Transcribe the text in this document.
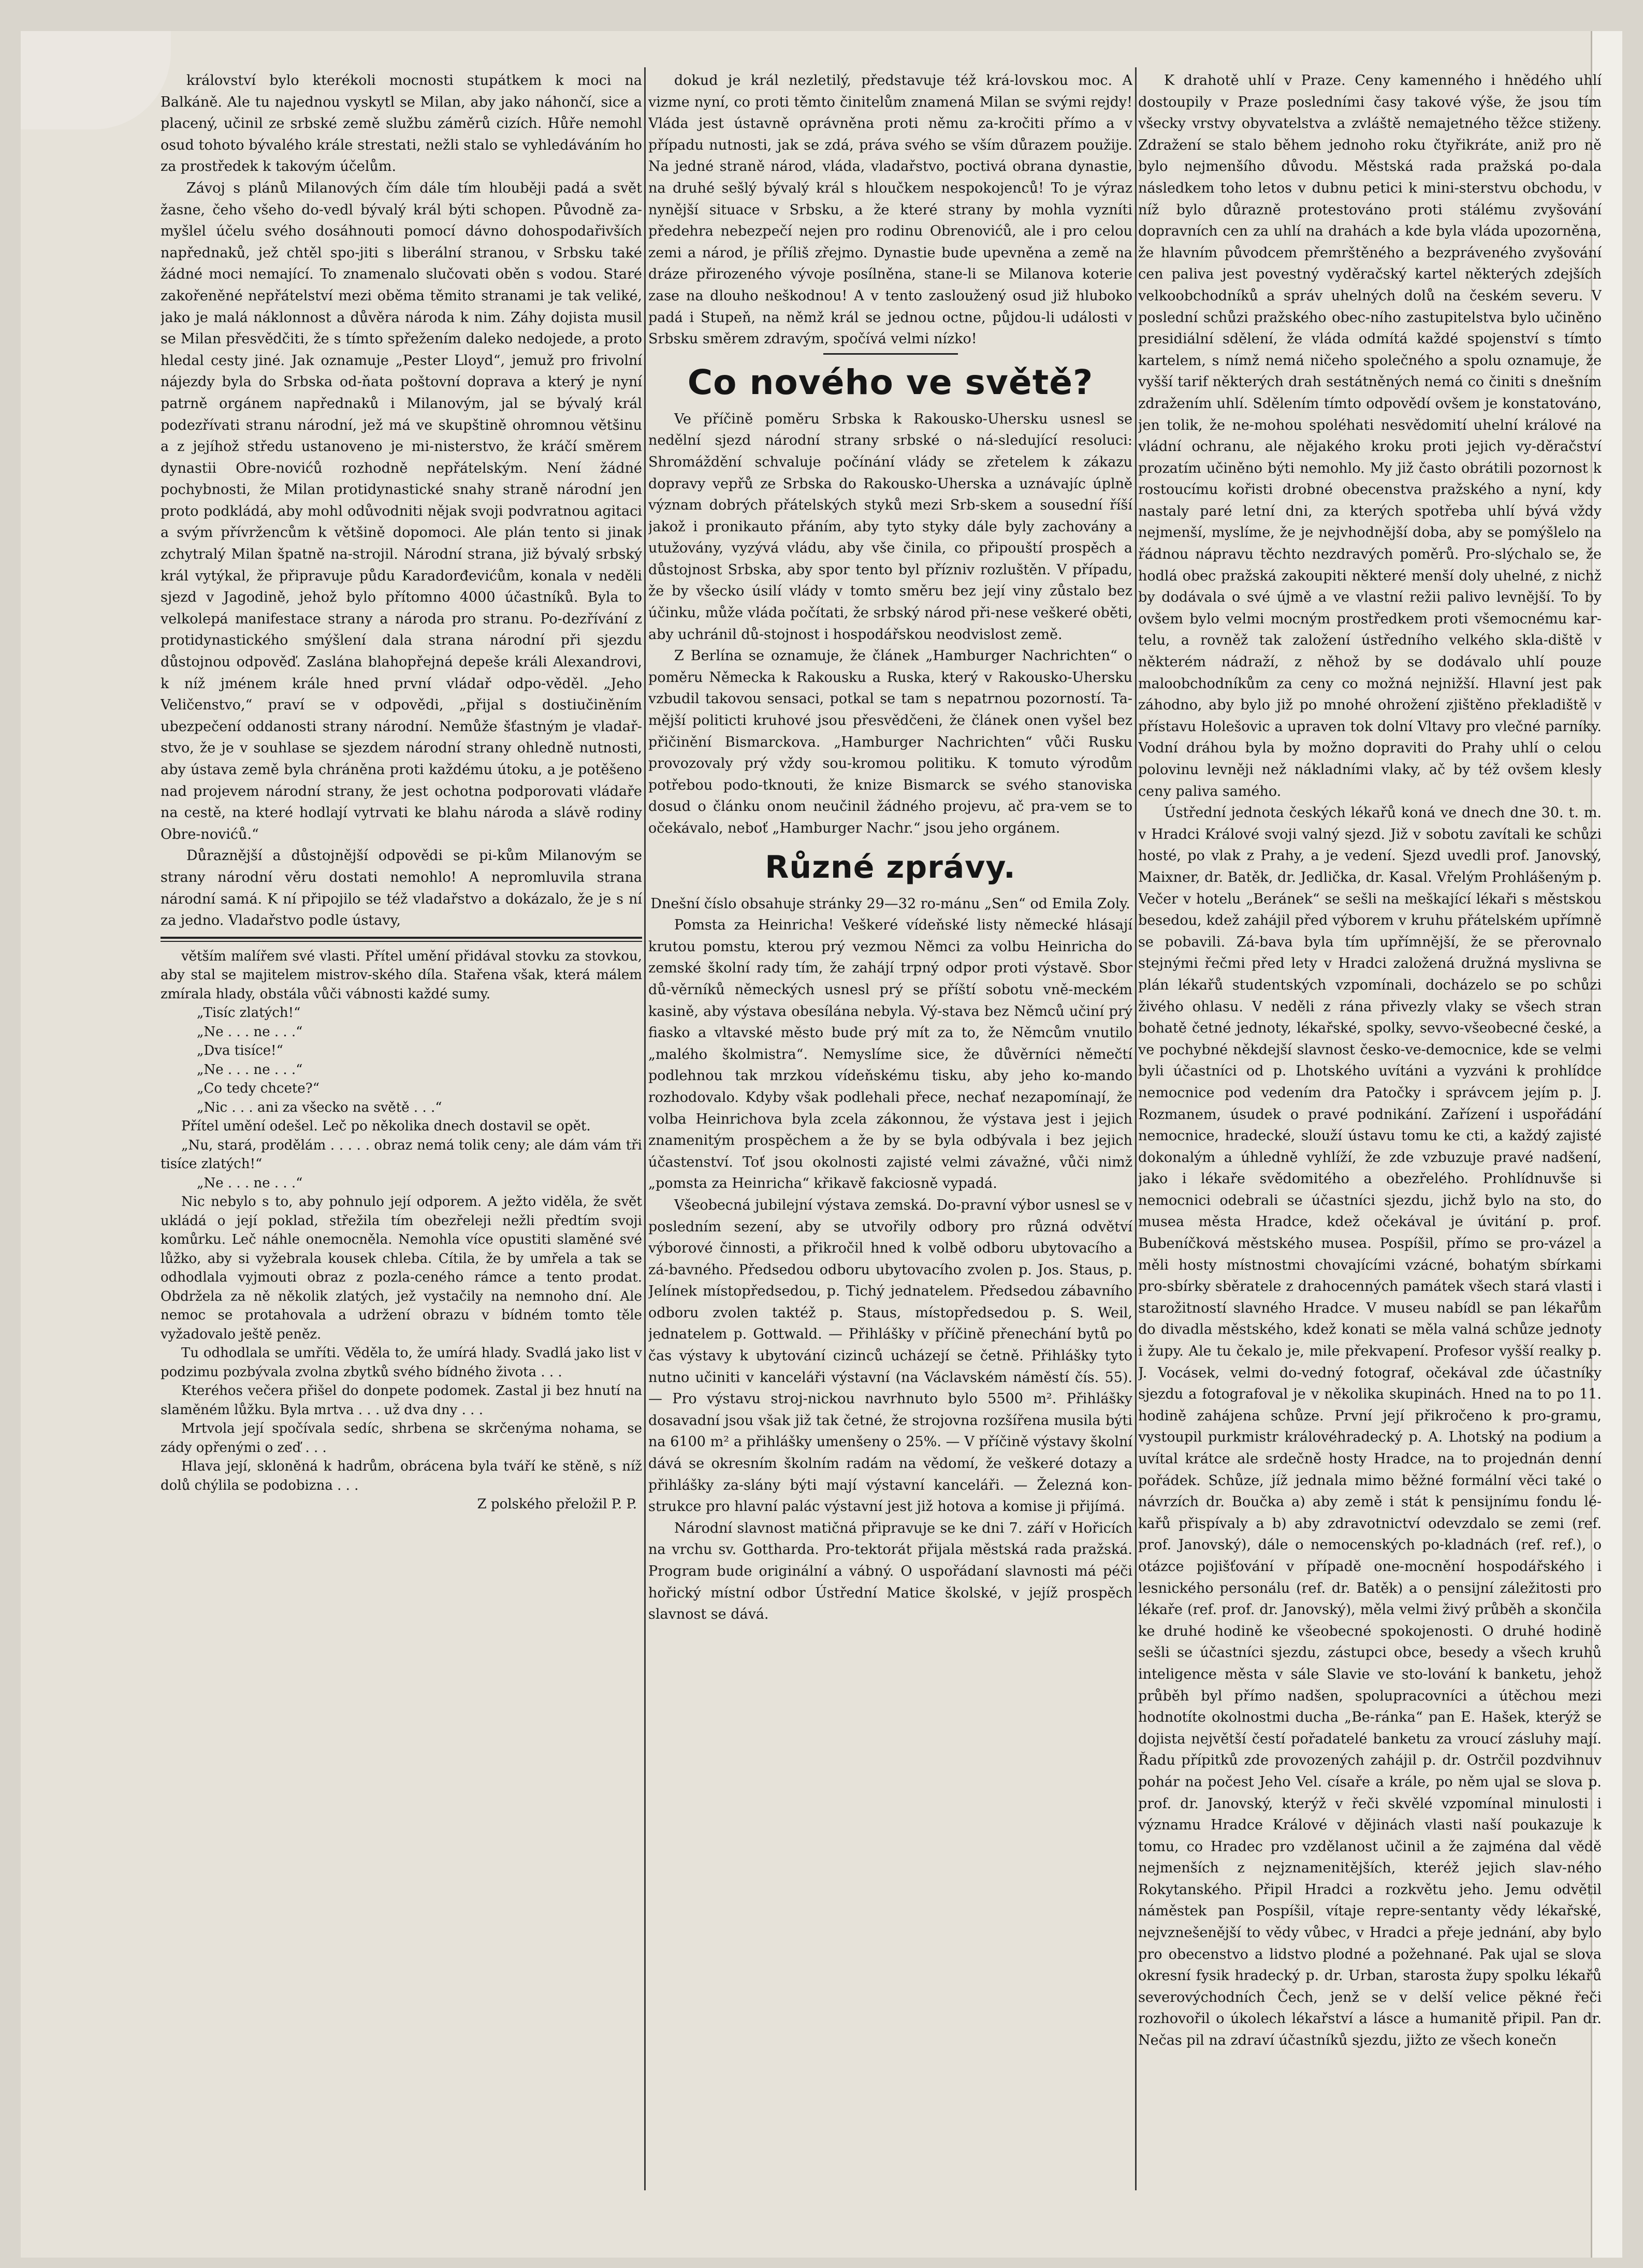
království bylo kterékoli mocnosti stupátkem k moci na Balkáně. Ale tu najednou vyskytl se Milan, aby jako náhončí, sice a placený, učinil ze srbské země službu záměrů cizích. Hůře nemohl osud tohoto bývalého krále strestati, nežli stalo se vyhledáváním ho za prostředek k takovým účelům.

Závoj s plánů Milanových čím dále tím hlouběji padá a svět žasne, čeho všeho do-vedl bývalý král býti schopen. Původně za-myšlel účelu svého dosáhnouti pomocí dávno dohospodařivších napřednaků, jež chtěl spo-jiti s liberální stranou, v Srbsku také žádné moci nemající. To znamenalo slučovati oběn s vodou. Staré zakořeněné nepřátelství mezi oběma těmito stranami je tak veliké, jako je malá náklonnost a důvěra národa k nim. Záhy dojista musil se Milan přesvědčiti, že s tímto spřežením daleko nedojede, a proto hledal cesty jiné. Jak oznamuje „Pester Lloyd“, jemuž pro frivolní nájezdy byla do Srbska od-ňata poštovní doprava a který je nyní patrně orgánem napřednaků i Milanovým, jal se bývalý král podezřívati stranu národní, jež má ve skupštině ohromnou většinu a z jejíhož středu ustanoveno je mi-nisterstvo, že kráčí směrem dynastii Obre-novićů rozhodně nepřátelským. Není žádné pochybnosti, že Milan protidynastické snahy straně národní jen proto podkládá, aby mohl odůvodniti nějak svoji podvratnou agitaci a svým přívržencům k většině dopomoci. Ale plán tento si jinak zchytralý Milan špatně na-strojil. Národní strana, již bývalý srbský král vytýkal, že připravuje půdu Karadorđevićům, konala v neděli sjezd v Jagodině, jehož bylo přítomno 4000 účastníků. Byla to velkolepá manifestace strany a národa pro stranu. Po-dezřívání z protidynastického smýšlení dala strana národní při sjezdu důstojnou odpověď. Zaslána blahopřejná depeše králi Alexandrovi, k níž jménem krále hned první vládař odpo-věděl. „Jeho Veličenstvo,“ praví se v odpovědi, „přijal s dostiučiněním ubezpečení oddanosti strany národní. Nemůže šťastným je vladař-stvo, že je v souhlase se sjezdem národní strany ohledně nutnosti, aby ústava země byla chráněna proti každému útoku, a je potěšeno nad projevem národní strany, že jest ochotna podporovati vládaře na cestě, na které hodlají vytrvati ke blahu národa a slávě rodiny Obre-novićů.“

Důraznější a důstojnější odpovědi se pi-kům Milanovým se strany národní věru dostati nemohlo! A nepromluvila strana národní samá. K ní připojilo se též vladařstvo a dokázalo, že je s ní za jedno. Vladařstvo podle ústavy,

větším malířem své vlasti. Přítel umění přidával stovku za stovkou, aby stal se majitelem mistrov-ského díla. Stařena však, která málem zmírala hlady, obstála vůči vábnosti každé sumy.

„Tisíc zlatých!“

„Ne . . . ne . . .“

„Dva tisíce!“

„Ne . . . ne . . .“

„Co tedy chcete?“

„Nic . . . ani za všecko na světě . . .“

Přítel umění odešel. Leč po několika dnech dostavil se opět.

„Nu, stará, prodělám . . . . . obraz nemá tolik ceny; ale dám vám tři tisíce zlatých!“

„Ne . . . ne . . .“

Nic nebylo s to, aby pohnulo její odporem. A ježto viděla, že svět ukládá o její poklad, střežila tím obezřeleji nežli předtím svoji komůrku. Leč náhle onemocněla. Nemohla více opustiti slaměné své lůžko, aby si vyžebrala kousek chleba. Cítila, že by umřela a tak se odhodlala vyjmouti obraz z pozla-ceného rámce a tento prodat. Obdržela za ně několik zlatých, jež vystačily na nemnoho dní. Ale nemoc se protahovala a udržení obrazu v bídném tomto těle vyžadovalo ještě peněz.

Tu odhodlala se umříti. Věděla to, že umírá hlady. Svadlá jako list v podzimu pozbývala zvolna zbytků svého bídného života . . .

Kteréhos večera přišel do donpete podomek. Zastal ji bez hnutí na slaměném lůžku. Byla mrtva . . . už dva dny . . .

Mrtvola její spočívala sedíc, shrbena se skrčenýma nohama, se zády opřenými o zeď . . .

Hlava její, skloněná k hadrům, obrácena byla tváří ke stěně, s níž dolů chýlila se podobizna . . .

Z polského přeložil P. P.

dokud je král nezletilý, představuje též krá-lovskou moc. A vizme nyní, co proti těmto činitelům znamená Milan se svými rejdy! Vláda jest ústavně oprávněna proti němu za-kročiti přímo a v případu nutnosti, jak se zdá, práva svého se vším důrazem použije. Na jedné straně národ, vláda, vladařstvo, poctivá obrana dynastie, na druhé sešlý bývalý král s hloučkem nespokojenců! To je výraz nynější situace v Srbsku, a že které strany by mohla vyzníti předehra nebezpečí nejen pro rodinu Obrenovićů, ale i pro celou zemi a národ, je příliš zřejmo. Dynastie bude upevněna a země na dráze přirozeného vývoje posílněna, stane-li se Milanova koterie zase na dlouho neškodnou! A v tento zasloužený osud již hluboko padá i Stupeň, na němž král se jednou octne, půjdou-li události v Srbsku směrem zdravým, spočívá velmi nízko!

Co nového ve světě?

Ve příčině poměru Srbska k Rakousko-Uhersku usnesl se nedělní sjezd národní strany srbské o ná-sledující resoluci: Shromáždění schvaluje počínání vlády se zřetelem k zákazu dopravy vepřů ze Srbska do Rakousko-Uherska a uznávajíc úplně význam dobrých přátelských styků mezi Srb-skem a sousední říší jakož i pronikauto přáním, aby tyto styky dále byly zachovány a utužovány, vyzývá vládu, aby vše činila, co připouští prospěch a důstojnost Srbska, aby spor tento byl přízniv rozluštěn. V případu, že by všecko úsilí vlády v tomto směru bez její viny zůstalo bez účinku, může vláda počítati, že srbský národ při-nese veškeré oběti, aby uchránil dů-stojnost i hospodářskou neodvislost země.

Z Berlína se oznamuje, že článek „Hamburger Nachrichten“ o poměru Německa k Rakousku a Ruska, který v Rakousko-Uhersku vzbudil takovou sensaci, potkal se tam s nepatrnou pozorností. Ta-mější politicti kruhové jsou přesvědčeni, že článek onen vyšel bez přičinění Bismarckova. „Hamburger Nachrichten“ vůči Rusku provozovaly prý vždy sou-kromou politiku. K tomuto výrodům potřebou podo-tknouti, že knize Bismarck se svého stanoviska dosud o článku onom neučinil žádného projevu, ač pra-vem se to očekávalo, neboť „Hamburger Nachr.“ jsou jeho orgánem.

Různé zprávy.

Dnešní číslo obsahuje stránky 29—32 ro-mánu „Sen“ od Emila Zoly.

Pomsta za Heinricha! Veškeré vídeňské listy německé hlásají krutou pomstu, kterou prý vezmou Němci za volbu Heinricha do zemské školní rady tím, že zahájí trpný odpor proti výstavě. Sbor dů-věrníků německých usnesl prý se příští sobotu vně-meckém kasině, aby výstava obesílána nebyla. Vý-stava bez Němců učiní prý fiasko a vltavské město bude prý mít za to, že Němcům vnutilo „malého školmistra“. Nemyslíme sice, že důvěrníci němečtí podlehnou tak mrzkou vídeňskému tisku, aby jeho ko-mando rozhodovalo. Kdyby však podlehali přece, nechať nezapomínají, že volba Heinrichova byla zcela zákonnou, že výstava jest i jejich znamenitým prospěchem a že by se byla odbývala i bez jejich účastenství. Toť jsou okolnosti zajisté velmi závažné, vůči nimž „pomsta za Heinricha“ křikavě fakciosně vypadá.

Všeobecná jubilejní výstava zemská. Do-pravní výbor usnesl se v posledním sezení, aby se utvořily odbory pro různá odvětví výborové činnosti, a přikročil hned k volbě odboru ubytovacího a zá-bavného. Předsedou odboru ubytovacího zvolen p. Jos. Staus, p. Jelínek místopředsedou, p. Tichý jednatelem. Předsedou zábavního odboru zvolen taktéž p. Staus, místopředsedou p. S. Weil, jednatelem p. Gottwald. — Přihlášky v příčině přenechání bytů po čas výstavy k ubytování cizinců ucházejí se četně. Přihlášky tyto nutno učiniti v kanceláři výstavní (na Václavském náměstí čís. 55). — Pro výstavu stroj-nickou navrhnuto bylo 5500 m². Přihlášky dosavadní jsou však již tak četné, že strojovna rozšířena musila býti na 6100 m² a přihlášky umenšeny o 25%. — V příčině výstavy školní dává se okresním školním radám na vědomí, že veškeré dotazy a přihlášky za-slány býti mají výstavní kanceláři. — Železná kon-strukce pro hlavní palác výstavní jest již hotova a komise ji přijímá.

Národní slavnost matičná připravuje se ke dni 7. září v Hořicích na vrchu sv. Gottharda. Pro-tektorát přijala městská rada pražská. Program bude originální a vábný. O uspořádaní slavnosti má péči hořický místní odbor Ústřední Matice školské, v jejíž prospěch slavnost se dává.

K drahotě uhlí v Praze. Ceny kamenného i hnědého uhlí dostoupily v Praze posledními časy takové výše, že jsou tím všecky vrstvy obyvatelstva a zvláště nemajetného těžce stiženy. Zdražení se stalo během jednoho roku čtyřikráte, aniž pro ně bylo nejmenšího důvodu. Městská rada pražská po-dala následkem toho letos v dubnu petici k mini-sterstvu obchodu, v níž bylo důrazně protestováno proti stálému zvyšování dopravních cen za uhlí na drahách a kde byla vláda upozorněna, že hlavním původcem přemrštěného a bezpráveného zvyšování cen paliva jest povestný vyděračský kartel některých zdejších velkoobchodníků a správ uhelných dolů na českém severu. V poslední schůzi pražského obec-ního zastupitelstva bylo učiněno presidiální sdělení, že vláda odmítá každé spojenství s tímto kartelem, s nímž nemá ničeho společného a spolu oznamuje, že vyšší tarif některých drah sestátněných nemá co činiti s dnešním zdražením uhlí. Sdělením tímto odpovědí ovšem je konstatováno, jen tolik, že ne-mohou spoléhati nesvědomití uhelní králové na vládní ochranu, ale nějakého kroku proti jejich vy-děračství prozatím učiněno býti nemohlo. My již často obrátili pozornost k rostoucímu kořisti drobné obecenstva pražského a nyní, kdy nastaly paré letní dni, za kterých spotřeba uhlí bývá vždy nejmenší, myslíme, že je nejvhodnější doba, aby se pomýšlelo na řádnou nápravu těchto nezdravých poměrů. Pro-slýchalo se, že hodlá obec pražská zakoupiti některé menší doly uhelné, z nichž by dodávala o své újmě a ve vlastní režii palivo levnější. To by ovšem bylo velmi mocným prostředkem proti všemocnému kar-telu, a rovněž tak založení ústředního velkého skla-diště v některém nádraží, z něhož by se dodávalo uhlí pouze maloobchodníkům za ceny co možná nejnižší. Hlavní jest pak záhodno, aby bylo již po mnohé ohrožení zjištěno překladiště v přístavu Holešovic a upraven tok dolní Vltavy pro vlečné parníky. Vodní dráhou byla by možno dopraviti do Prahy uhlí o celou polovinu levněji než nákladními vlaky, ač by též ovšem klesly ceny paliva samého.

Ústřední jednota českých lékařů koná ve dnech dne 30. t. m. v Hradci Králové svoji valný sjezd. Již v sobotu zavítali ke schůzi hosté, po vlak z Prahy, a je vedení. Sjezd uvedli prof. Janovský, Maixner, dr. Batěk, dr. Jedlička, dr. Kasal. Vřelým Prohlášeným p. Večer v hotelu „Beránek“ se sešli na meškající lékaři s městskou besedou, kdež zahájil před výborem v kruhu přátelském upřímně se pobavili. Zá-bava byla tím upřímnější, že se přerovnalo stejnými řečmi před lety v Hradci založená družná myslivna se plán lékařů studentských vzpomínali, docházelo se po schůzi živého ohlasu. V neděli z rána přivezly vlaky se všech stran bohatě četné jednoty, lékařské, spolky, sevvo-všeobecné české, a ve pochybné někdejší slavnost česko-ve-democnice, kde se velmi byli účastníci od p. Lhotského uvítáni a vyzváni k prohlídce nemocnice pod vedením dra Patočky i správcem jejím p. J. Rozmanem, úsudek o pravé podnikání. Zařízení i uspořádání nemocnice, hradecké, slouží ústavu tomu ke cti, a každý zajisté dokonalým a úhledně vyhlíží, že zde vzbuzuje pravé nadšení, jako i lékaře svědomitého a obezřelého. Prohlídnuvše si nemocnici odebrali se účastníci sjezdu, jichž bylo na sto, do musea města Hradce, kdež očekával je úvitání p. prof. Bubeníčková městského musea. Pospíšil, přímo se pro-vázel a měli hosty místnostmi chovajícími vzácné, bohatým sbírkami pro-sbírky sběratele z drahocenných památek všech stará vlasti i starožitností slavného Hradce. V museu nabídl se pan lékařům do divadla městského, kdež konati se měla valná schůze jednoty i župy. Ale tu čekalo je, mile překvapení. Profesor vyšší realky p. J. Vocásek, velmi do-vedný fotograf, očekával zde účastníky sjezdu a fotografoval je v několika skupinách. Hned na to po 11. hodině zahájena schůze. První její přikročeno k pro-gramu, vystoupil purkmistr královéhradecký p. A. Lhotský na podium a uvítal krátce ale srdečně hosty Hradce, na to projednán denní pořádek. Schůze, jíž jednala mimo běžné formální věci také o návrzích dr. Boučka a) aby země i stát k pensijnímu fondu lé-kařů přispívaly a b) aby zdravotnictví odevzdalo se zemi (ref. prof. Janovský), dále o nemocenských po-kladnách (ref. ref.), o otázce pojišťování v případě one-mocnění hospodářského i lesnického personálu (ref. dr. Batěk) a o pensijní záležitosti pro lékaře (ref. prof. dr. Janovský), měla velmi živý průběh a skončila ke druhé hodině ke všeobecné spokojenosti. O druhé hodině sešli se účastníci sjezdu, zástupci obce, besedy a všech kruhů inteligence města v sále Slavie ve sto-lování k banketu, jehož průběh byl přímo nadšen, spolupracovníci a útěchou mezi hodnotíte okolnostmi ducha „Be-ránka“ pan E. Hašek, kterýž se dojista největší čestí pořadatelé banketu za vroucí zásluhy mají. Řadu přípitků zde provozených zahájil p. dr. Ostrčil pozdvihnuv pohár na počest Jeho Vel. císaře a krále, po něm ujal se slova p. prof. dr. Janovský, kterýž v řeči skvělé vzpomínal minulosti i významu Hradce Králové v dějinách vlasti naší poukazuje k tomu, co Hradec pro vzdělanost učinil a že zajména dal vědě nejmenších z nejznamenitějších, kteréž jejich slav-ného Rokytanského. Připil Hradci a rozkvětu jeho. Jemu odvětil náměstek pan Pospíšil, vítaje repre-sentanty vědy lékařské, nejvznešenější to vědy vůbec, v Hradci a přeje jednání, aby bylo pro obecenstvo a lidstvo plodné a požehnané. Pak ujal se slova okresní fysik hradecký p. dr. Urban, starosta župy spolku lékařů severovýchodních Čech, jenž se v delší velice pěkné řeči rozhovořil o úkolech lékařství a lásce a humanitě připil. Pan dr. Nečas pil na zdraví účastníků sjezdu, jižto ze všech konečn
